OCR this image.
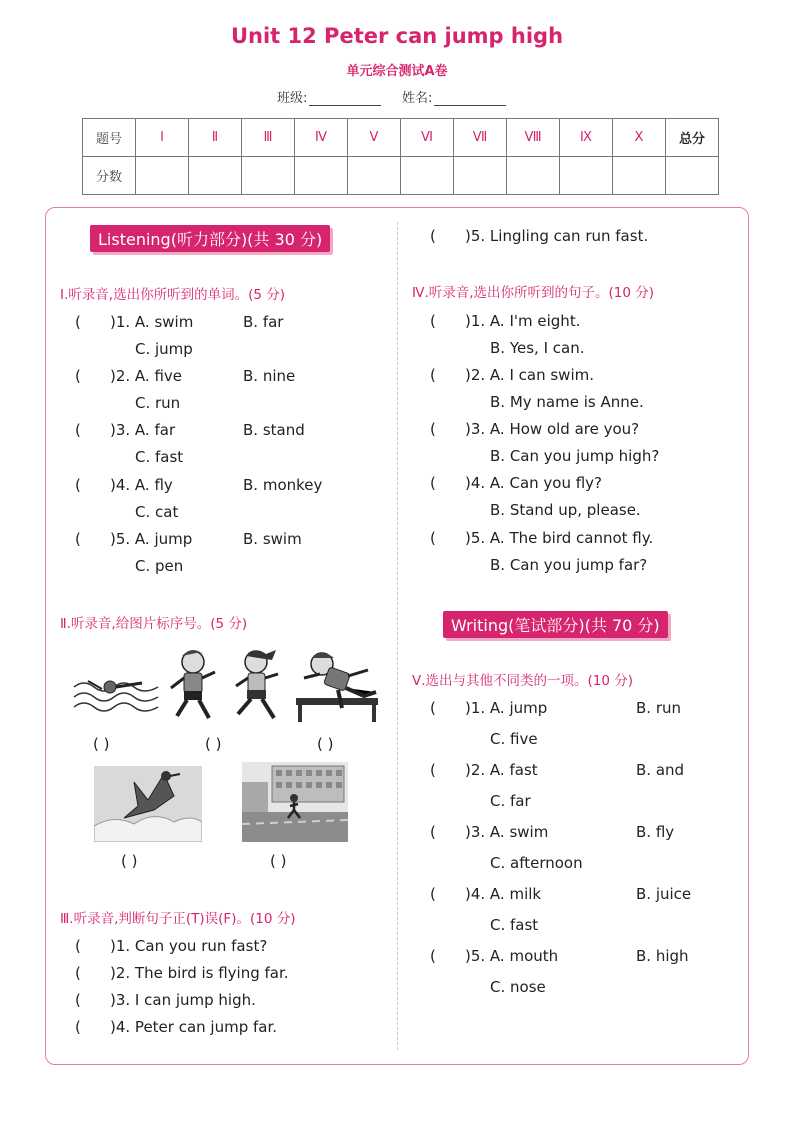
Unit 12 Peter can jump high
单元综合测试A卷
班级:	姓名:
题号	Ⅰ	Ⅱ	Ⅲ	Ⅳ	Ⅴ	Ⅵ	Ⅶ	Ⅷ	Ⅸ	Ⅹ	总分
分数											
Listening(听力部分)(共 30 分)
Ⅰ.听录音,选出你所听到的单词。(5 分)
( )1. A. swim	B. far
C. jump
( )2. A. five	B. nine
C. run
( )3. A. far	B. stand
C. fast
( )4. A. fly	B. monkey
C. cat
( )5. A. jump	B. swim
C. pen
Ⅱ.听录音,给图片标序号。(5 分)
( )	( )	( )
( )	( )
Ⅲ.听录音,判断句子正(T)误(F)。(10 分)
( )1. Can you run fast?
( )2. The bird is flying far.
( )3. I can jump high.
( )4. Peter can jump far.
( )5. Lingling can run fast.
Ⅳ.听录音,选出你所听到的句子。(10 分)
( )1. A. I'm eight.
B. Yes, I can.
( )2. A. I can swim.
B. My name is Anne.
( )3. A. How old are you?
B. Can you jump high?
( )4. A. Can you fly?
B. Stand up, please.
( )5. A. The bird cannot fly.
B. Can you jump far?
Writing(笔试部分)(共 70 分)
Ⅴ.选出与其他不同类的一项。(10 分)
( )1. A. jump	B. run
C. five
( )2. A. fast	B. and
C. far
( )3. A. swim	B. fly
C. afternoon
( )4. A. milk	B. juice
C. fast
( )5. A. mouth	B. high
C. nose
